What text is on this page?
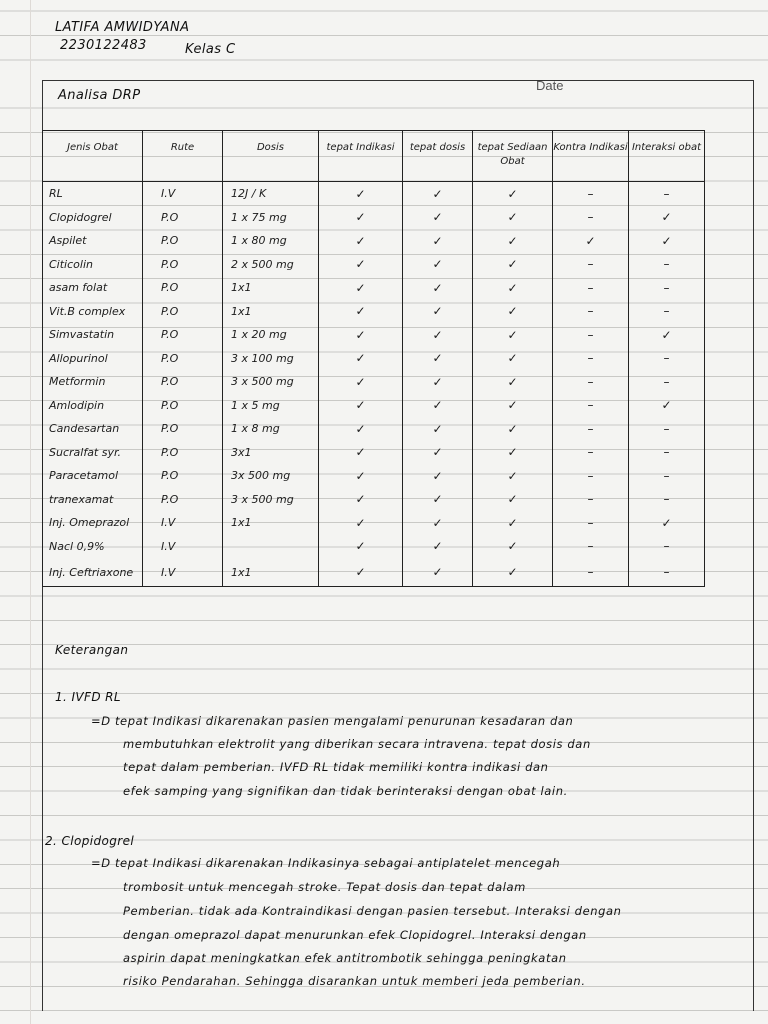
LATIFA AMWIDYANA
2230122483	Kelas C
Date
Analisa DRP
Jenis Obat	Rute	Dosis	tepat Indikasi	tepat dosis	tepat Sediaan Obat	Kontra Indikasi	Interaksi obat

RL	I.V	12J / K	✓	✓	✓	–	–
Clopidogrel	P.O	1 x 75 mg	✓	✓	✓	–	✓
Aspilet	P.O	1 x 80 mg	✓	✓	✓	✓	✓
Citicolin	P.O	2 x 500 mg	✓	✓	✓	–	–
asam folat	P.O	1x1	✓	✓	✓	–	–
Vit.B complex	P.O	1x1	✓	✓	✓	–	–
Simvastatin	P.O	1 x 20 mg	✓	✓	✓	–	✓
Allopurinol	P.O	3 x 100 mg	✓	✓	✓	–	–
Metformin	P.O	3 x 500 mg	✓	✓	✓	–	–
Amlodipin	P.O	1 x 5 mg	✓	✓	✓	–	✓
Candesartan	P.O	1 x 8 mg	✓	✓	✓	–	–
Sucralfat syr.	P.O	3x1	✓	✓	✓	–	–
Paracetamol	P.O	3x 500 mg	✓	✓	✓	–	–
tranexamat	P.O	3 x 500 mg	✓	✓	✓	–	–
Inj. Omeprazol	I.V	1x1	✓	✓	✓	–	✓
Nacl 0,9%	I.V		✓	✓	✓	–	–
Inj. Ceftriaxone	I.V	1x1	✓	✓	✓	–	–
Keterangan
1. IVFD RL
=D tepat Indikasi dikarenakan pasien mengalami penurunan kesadaran dan
membutuhkan elektrolit yang diberikan secara intravena. tepat dosis dan
tepat dalam pemberian. IVFD RL tidak memiliki kontra indikasi dan
efek samping yang signifikan dan tidak berinteraksi dengan obat lain.
2. Clopidogrel
=D tepat Indikasi dikarenakan Indikasinya sebagai antiplatelet mencegah
trombosit untuk mencegah stroke. Tepat dosis dan tepat dalam
Pemberian. tidak ada Kontraindikasi dengan pasien tersebut. Interaksi dengan
dengan omeprazol dapat menurunkan efek Clopidogrel. Interaksi dengan
aspirin dapat meningkatkan efek antitrombotik sehingga peningkatan
risiko Pendarahan. Sehingga disarankan untuk memberi jeda pemberian.
